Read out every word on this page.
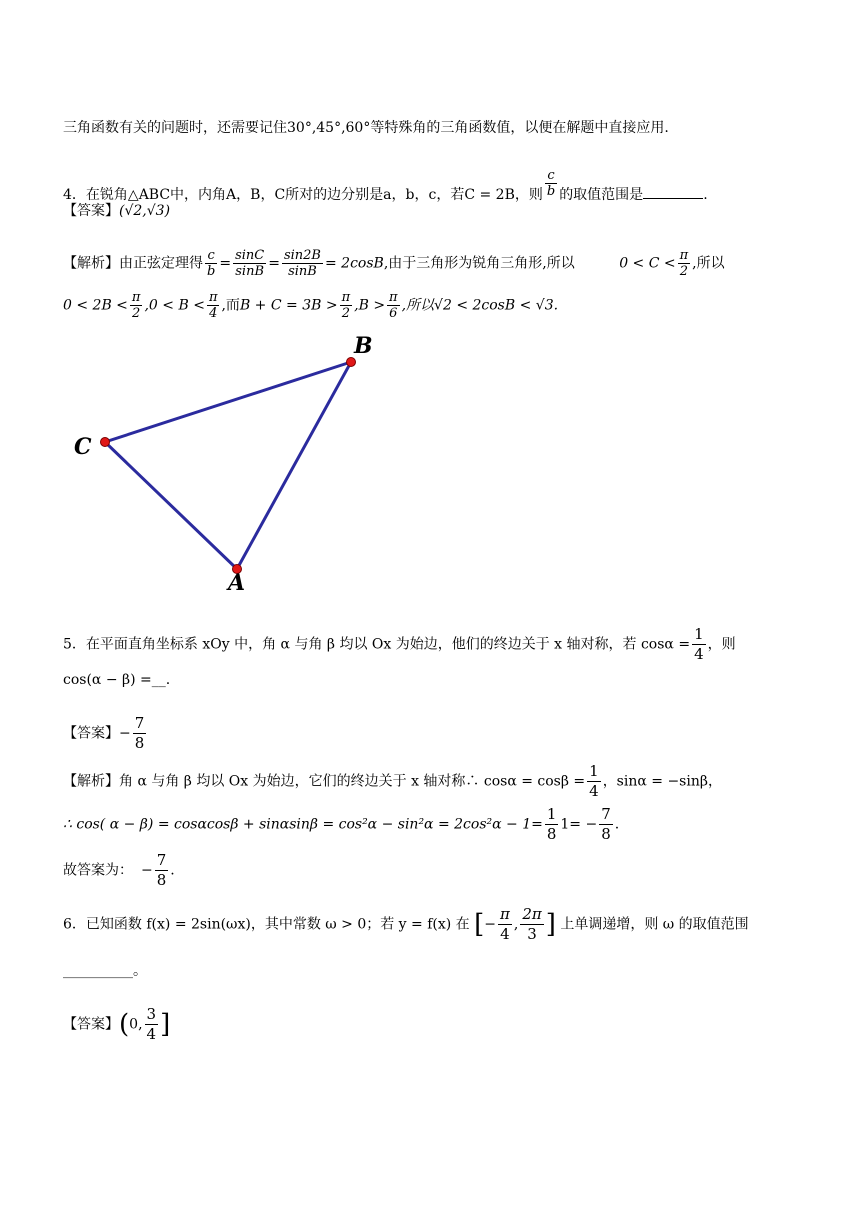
三角函数有关的问题时，还需要记住30°,45°,60°等特殊角的三角函数值，以便在解题中直接应用.
4．在锐角△ABC中，内角A，B，C所对的边分别是a，b，c，若C = 2B，则 $\frac{c}{b}$ 的取值范围是	.
【答案】(√2,√3)
【解析】由正弦定理得 $\frac{c}{b} = \frac{\sin C}{\sin B} = \frac{\sin 2B}{\sin B} = 2\cos B$,由于三角形为锐角三角形,所以	$0 < C < \frac{\pi}{2}$ ,所以
$0 < 2B < \frac{\pi}{2} ,0 < B < \frac{\pi}{4}$ ,而$B + C = 3B > \frac{\pi}{2} ,B > \frac{\pi}{6}$ ,所以√2 < 2cosB < √3.
B
C
A
5．在平面直角坐标系 xOy 中，角 α 与角 β 均以 Ox 为始边，他们的终边关于 x 轴对称，若 $\cos\alpha = \frac{1}{4}$ ，则
cos(α − β) =__.
【答案】− $\frac{7}{8}$
【解析】角 α 与角 β 均以 Ox 为始边，它们的终边关于 x 轴对称∴ $\cos\alpha = \cos\beta = \frac{1}{4}$ ，sinα = −sinβ，
∴ cos( $\alpha - \beta) = \cos\alpha\cos\beta + \sin\alpha\sin\beta = \cos^2\alpha - \sin^2\alpha = 2\cos^2\alpha - 1= \frac{1}{8} 1= - \frac{7}{8}$ .
故答案为： − $\frac{7}{8}$ .
6．已知函数 f(x) = 2sin(ωx)，其中常数 ω > 0；若 y = f(x) 在 [− $\frac{\pi}{4}$ , $\frac{2\pi}{3}$ ] 上单调递增，则 ω 的取值范围
__________。
【答案】(0, $\frac{3}{4}$ ]
